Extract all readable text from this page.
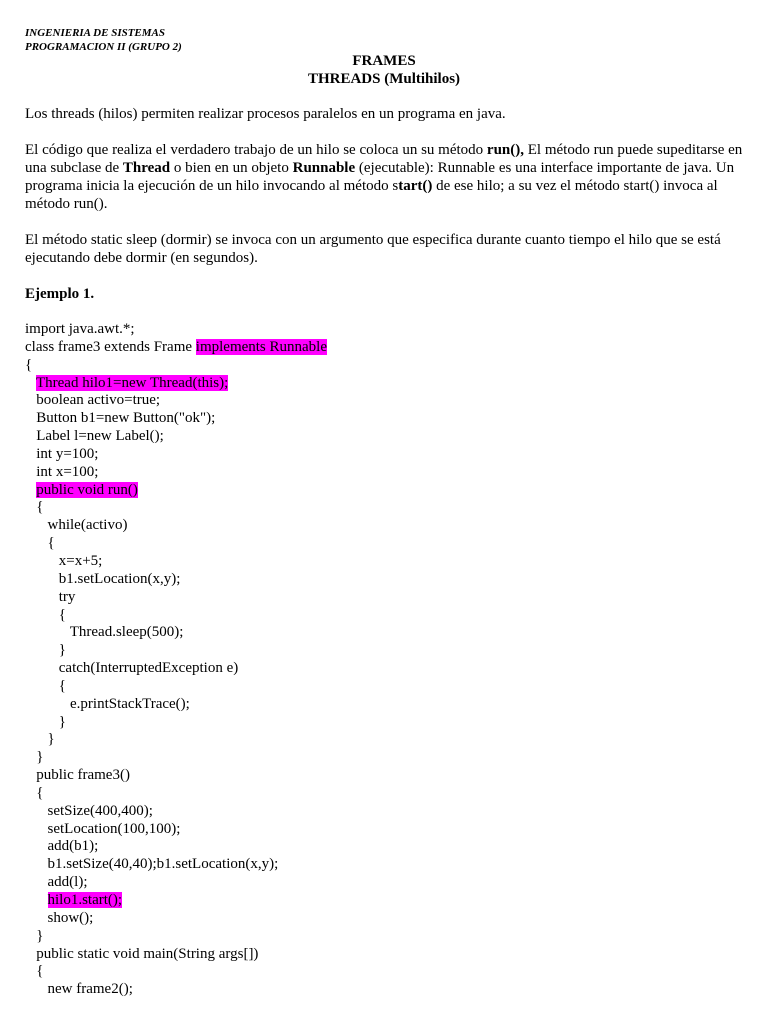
INGENIERIA DE SISTEMAS
PROGRAMACION II (GRUPO 2)
FRAMES
THREADS (Multihilos)
Los threads (hilos) permiten realizar procesos paralelos en un programa en java.
El código que realiza el verdadero trabajo de un hilo se coloca un su método run(), El método run puede supeditarse en una subclase de Thread o bien en un objeto Runnable (ejecutable): Runnable es una interface importante de java. Un programa inicia la ejecución de un hilo invocando al método start() de ese hilo; a su vez el método start() invoca al método run().
El método static sleep (dormir) se invoca con un argumento que especifica durante cuanto tiempo el hilo que se está ejecutando debe dormir (en segundos).
Ejemplo 1.
import java.awt.*;
class frame3 extends Frame implements Runnable
{
Thread hilo1=new Thread(this);
boolean activo=true;
Button b1=new Button("ok");
Label l=new Label();
int y=100;
int x=100;
public void run()
{
while(activo)
{
x=x+5;
b1.setLocation(x,y);
try
{
Thread.sleep(500);
}
catch(InterruptedException e)
{
e.printStackTrace();
}
}
}
public frame3()
{
setSize(400,400);
setLocation(100,100);
add(b1);
b1.setSize(40,40);b1.setLocation(x,y);
add(l);
hilo1.start();
show();
}
public static void main(String args[])
{
new frame2();
